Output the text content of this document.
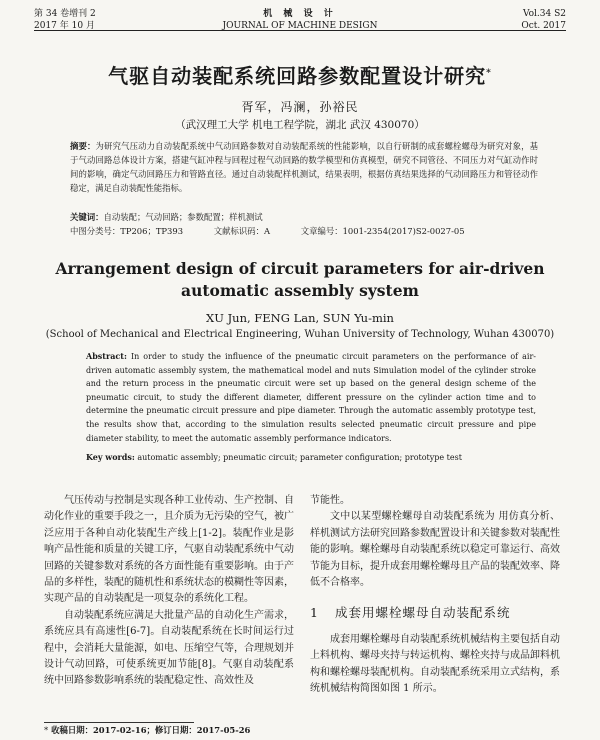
第 34 卷增刊 2
2017 年 10 月
机 械 设 计
JOURNAL OF MACHINE DESIGN
Vol.34 S2
Oct. 2017
气驱自动装配系统回路参数配置设计研究*
胥军，冯澜，孙裕民
（武汉理工大学 机电工程学院，湖北 武汉 430070）
摘要：为研究气压动力自动装配系统中气动回路参数对自动装配系统的性能影响，以自行研制的成套螺栓螺母为研究对象，基于气动回路总体设计方案，搭建气缸冲程与回程过程气动回路的数学模型和仿真模型，研究不同管径、不同压力对气缸动作时间的影响，确定气动回路压力和管路直径。通过自动装配样机测试，结果表明，根据仿真结果选择的气动回路压力和管径动作稳定，满足自动装配性能指标。
关键词：自动装配；气动回路；参数配置；样机测试
中图分类号：TP206；TP393	文献标识码：A	文章编号：1001-2354(2017)S2-0027-05
Arrangement design of circuit parameters for air-driven
automatic assembly system
XU Jun, FENG Lan, SUN Yu-min
(School of Mechanical and Electrical Engineering, Wuhan University of Technology, Wuhan 430070)
Abstract: In order to study the influence of the pneumatic circuit parameters on the performance of air-driven automatic assembly system, the mathematical model and nuts Simulation model of the cylinder stroke and the return process in the pneumatic circuit were set up based on the general design scheme of the pneumatic circuit, to study the different diameter, different pressure on the cylinder action time and to determine the pneumatic circuit pressure and pipe diameter. Through the automatic assembly prototype test, the results show that, according to the simulation results selected pneumatic circuit pressure and pipe diameter stability, to meet the automatic assembly performance indicators.
Key words: automatic assembly; pneumatic circuit; parameter configuration; prototype test

气压传动与控制是实现各种工业传动、生产控制、自动化作业的重要手段之一，且介质为无污染的空气，被广泛应用于各种自动化装配生产线上[1-2]。装配作业是影响产品性能和质量的关键工序，气驱自动装配系统中气动回路的关键参数对系统的各方面性能有重要影响。由于产品的多样性，装配的随机性和系统状态的模糊性等因素，实现产品的自动装配是一项复杂的系统化工程。

自动装配系统应满足大批量产品的自动化生产需求，系统应具有高速性[6-7]。自动装配系统在长时间运行过程中，会消耗大量能源，如电、压缩空气等，合理规划并设计气动回路，可使系统更加节能[8]。气驱自动装配系统中回路参数影响系统的装配稳定性、高效性及

节能性。

文中以某型螺栓螺母自动装配系统为 用仿真分析、样机测试方法研究回路参数配置设计和关键参数对装配性能的影响。螺栓螺母自动装配系统以稳定可靠运行、高效节能为目标，提升成套用螺栓螺母且产品的装配效率、降低不合格率。

1 成套用螺栓螺母自动装配系统

成套用螺栓螺母自动装配系统机械结构主要包括自动上料机构、螺母夹持与转运机构、螺栓夹持与成品卸料机构和螺栓螺母装配机构。自动装配系统采用立式结构，系统机械结构简图如图 1 所示。

* 收稿日期：2017-02-16；修订日期：2017-05-26
